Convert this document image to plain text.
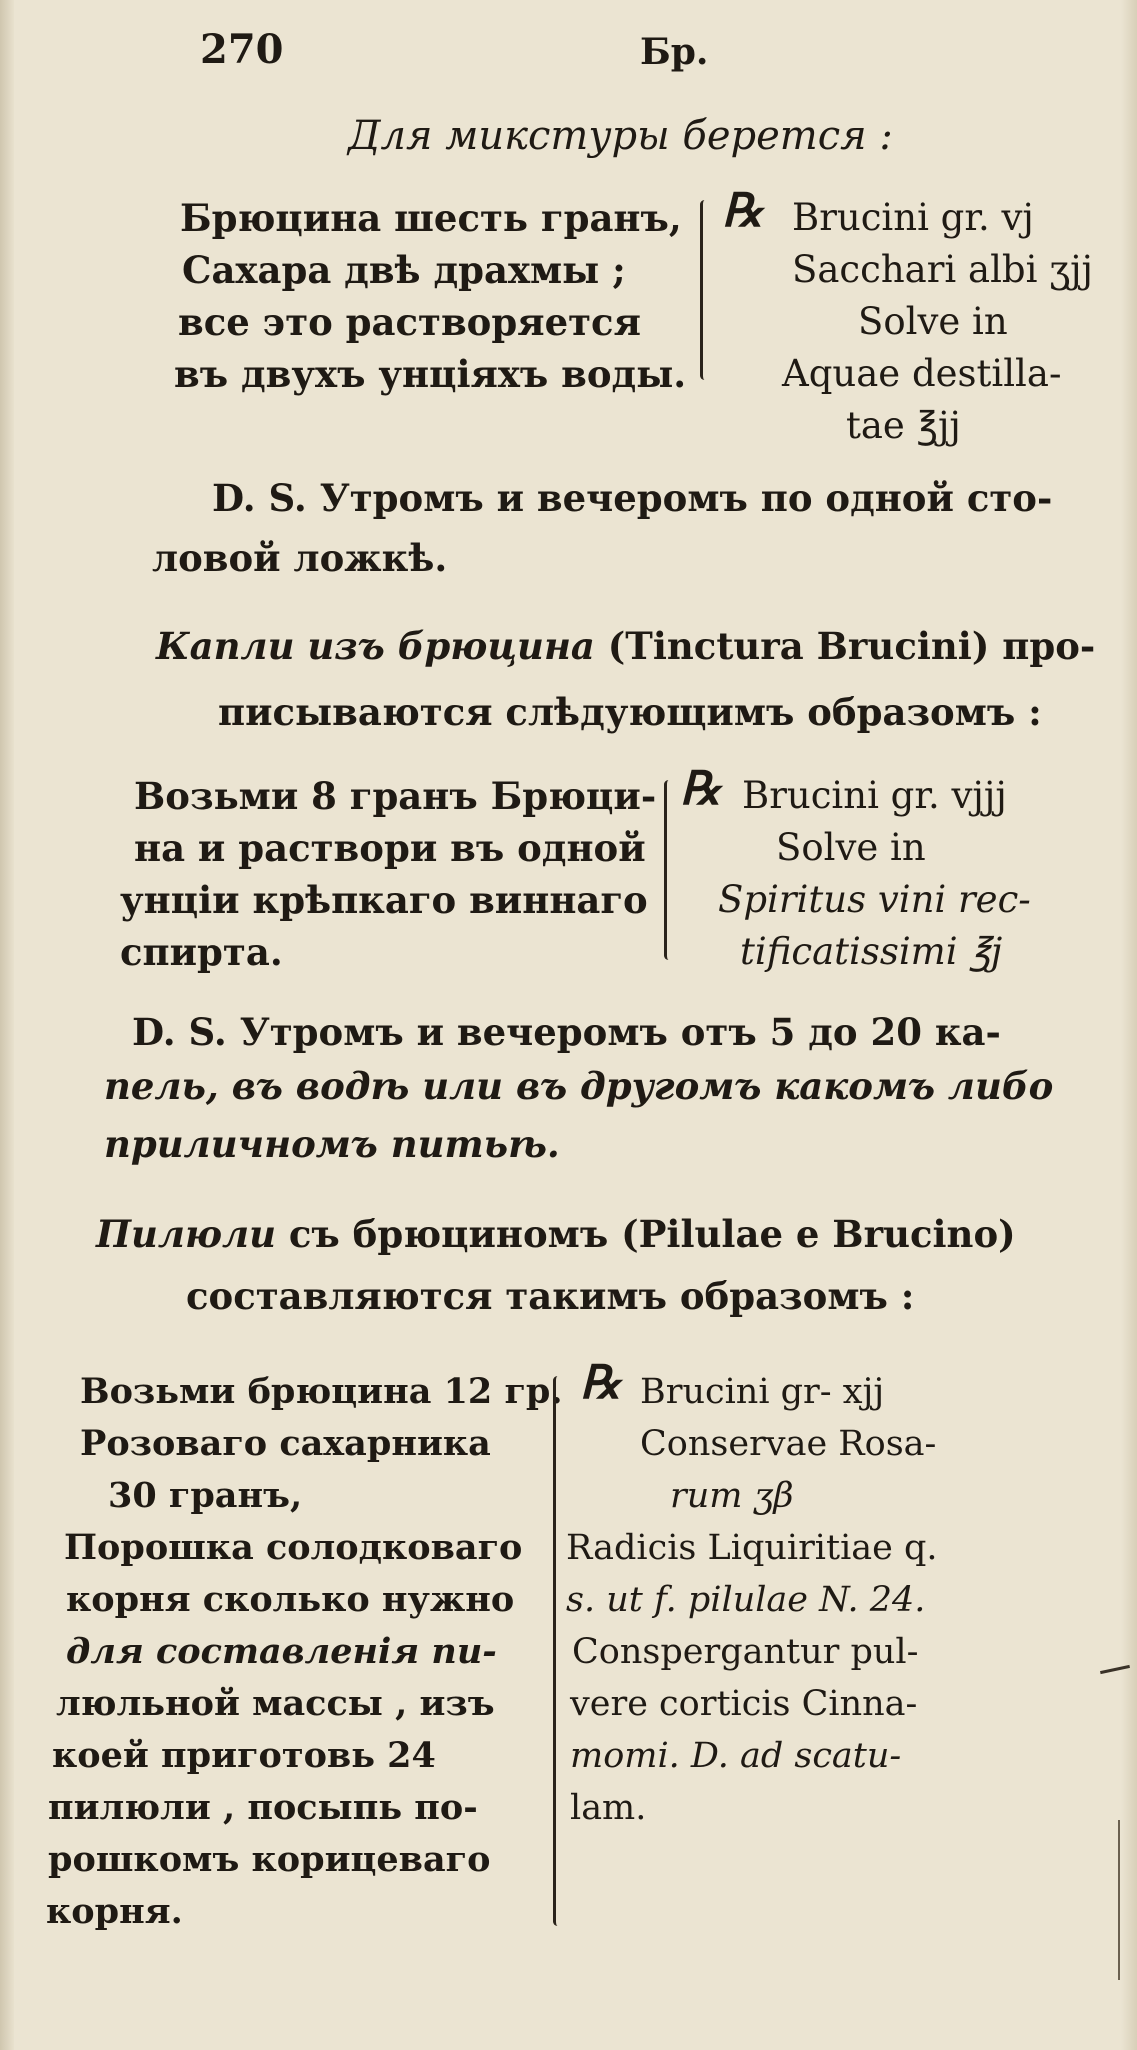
270	Бр.
Для микстуры берется :
Брюцина шесть гранъ,
Сахара двѣ драхмы ;
все это растворяется
въ двухъ унціяхъ воды.
℞ Brucini gr. vj
Sacchari albi ʒjj
Solve in
Aquae destilla-
tae ℥jj
D. S. Утромъ и вечеромъ по одной сто-
ловой ложкѣ.
Капли изъ брюцина (Tinctura Brucini) про-
писываются слѣдующимъ образомъ :
Возьми 8 гранъ Брюци-
на и раствори въ одной
унціи крѣпкаго виннаго
спирта.
℞ Brucini gr. vjjj
Solve in
Spiritus vini rec-
tificatissimi ℥j
D. S. Утромъ и вечеромъ отъ 5 до 20 ка-
пель, въ водѣ или въ другомъ какомъ либо
приличномъ питьѣ.
Пилюли съ брюциномъ (Pilulae e Brucino)
составляются такимъ образомъ :
Возьми брюцина 12 гр.
Розоваго сахарника
30 гранъ,
Порошка солодковаго
корня сколько нужно
для составленія пи-
люльной массы , изъ
коей приготовь 24
пилюли , посыпь по-
рошкомъ корицеваго
корня.
℞ Brucini gr- xjj
Conservae Rosa-
rum ʒβ
Radicis Liquiritiae q.
s. ut f. pilulae N. 24.
Conspergantur pul-
vere corticis Cinna-
momi. D. ad scatu-
lam.
